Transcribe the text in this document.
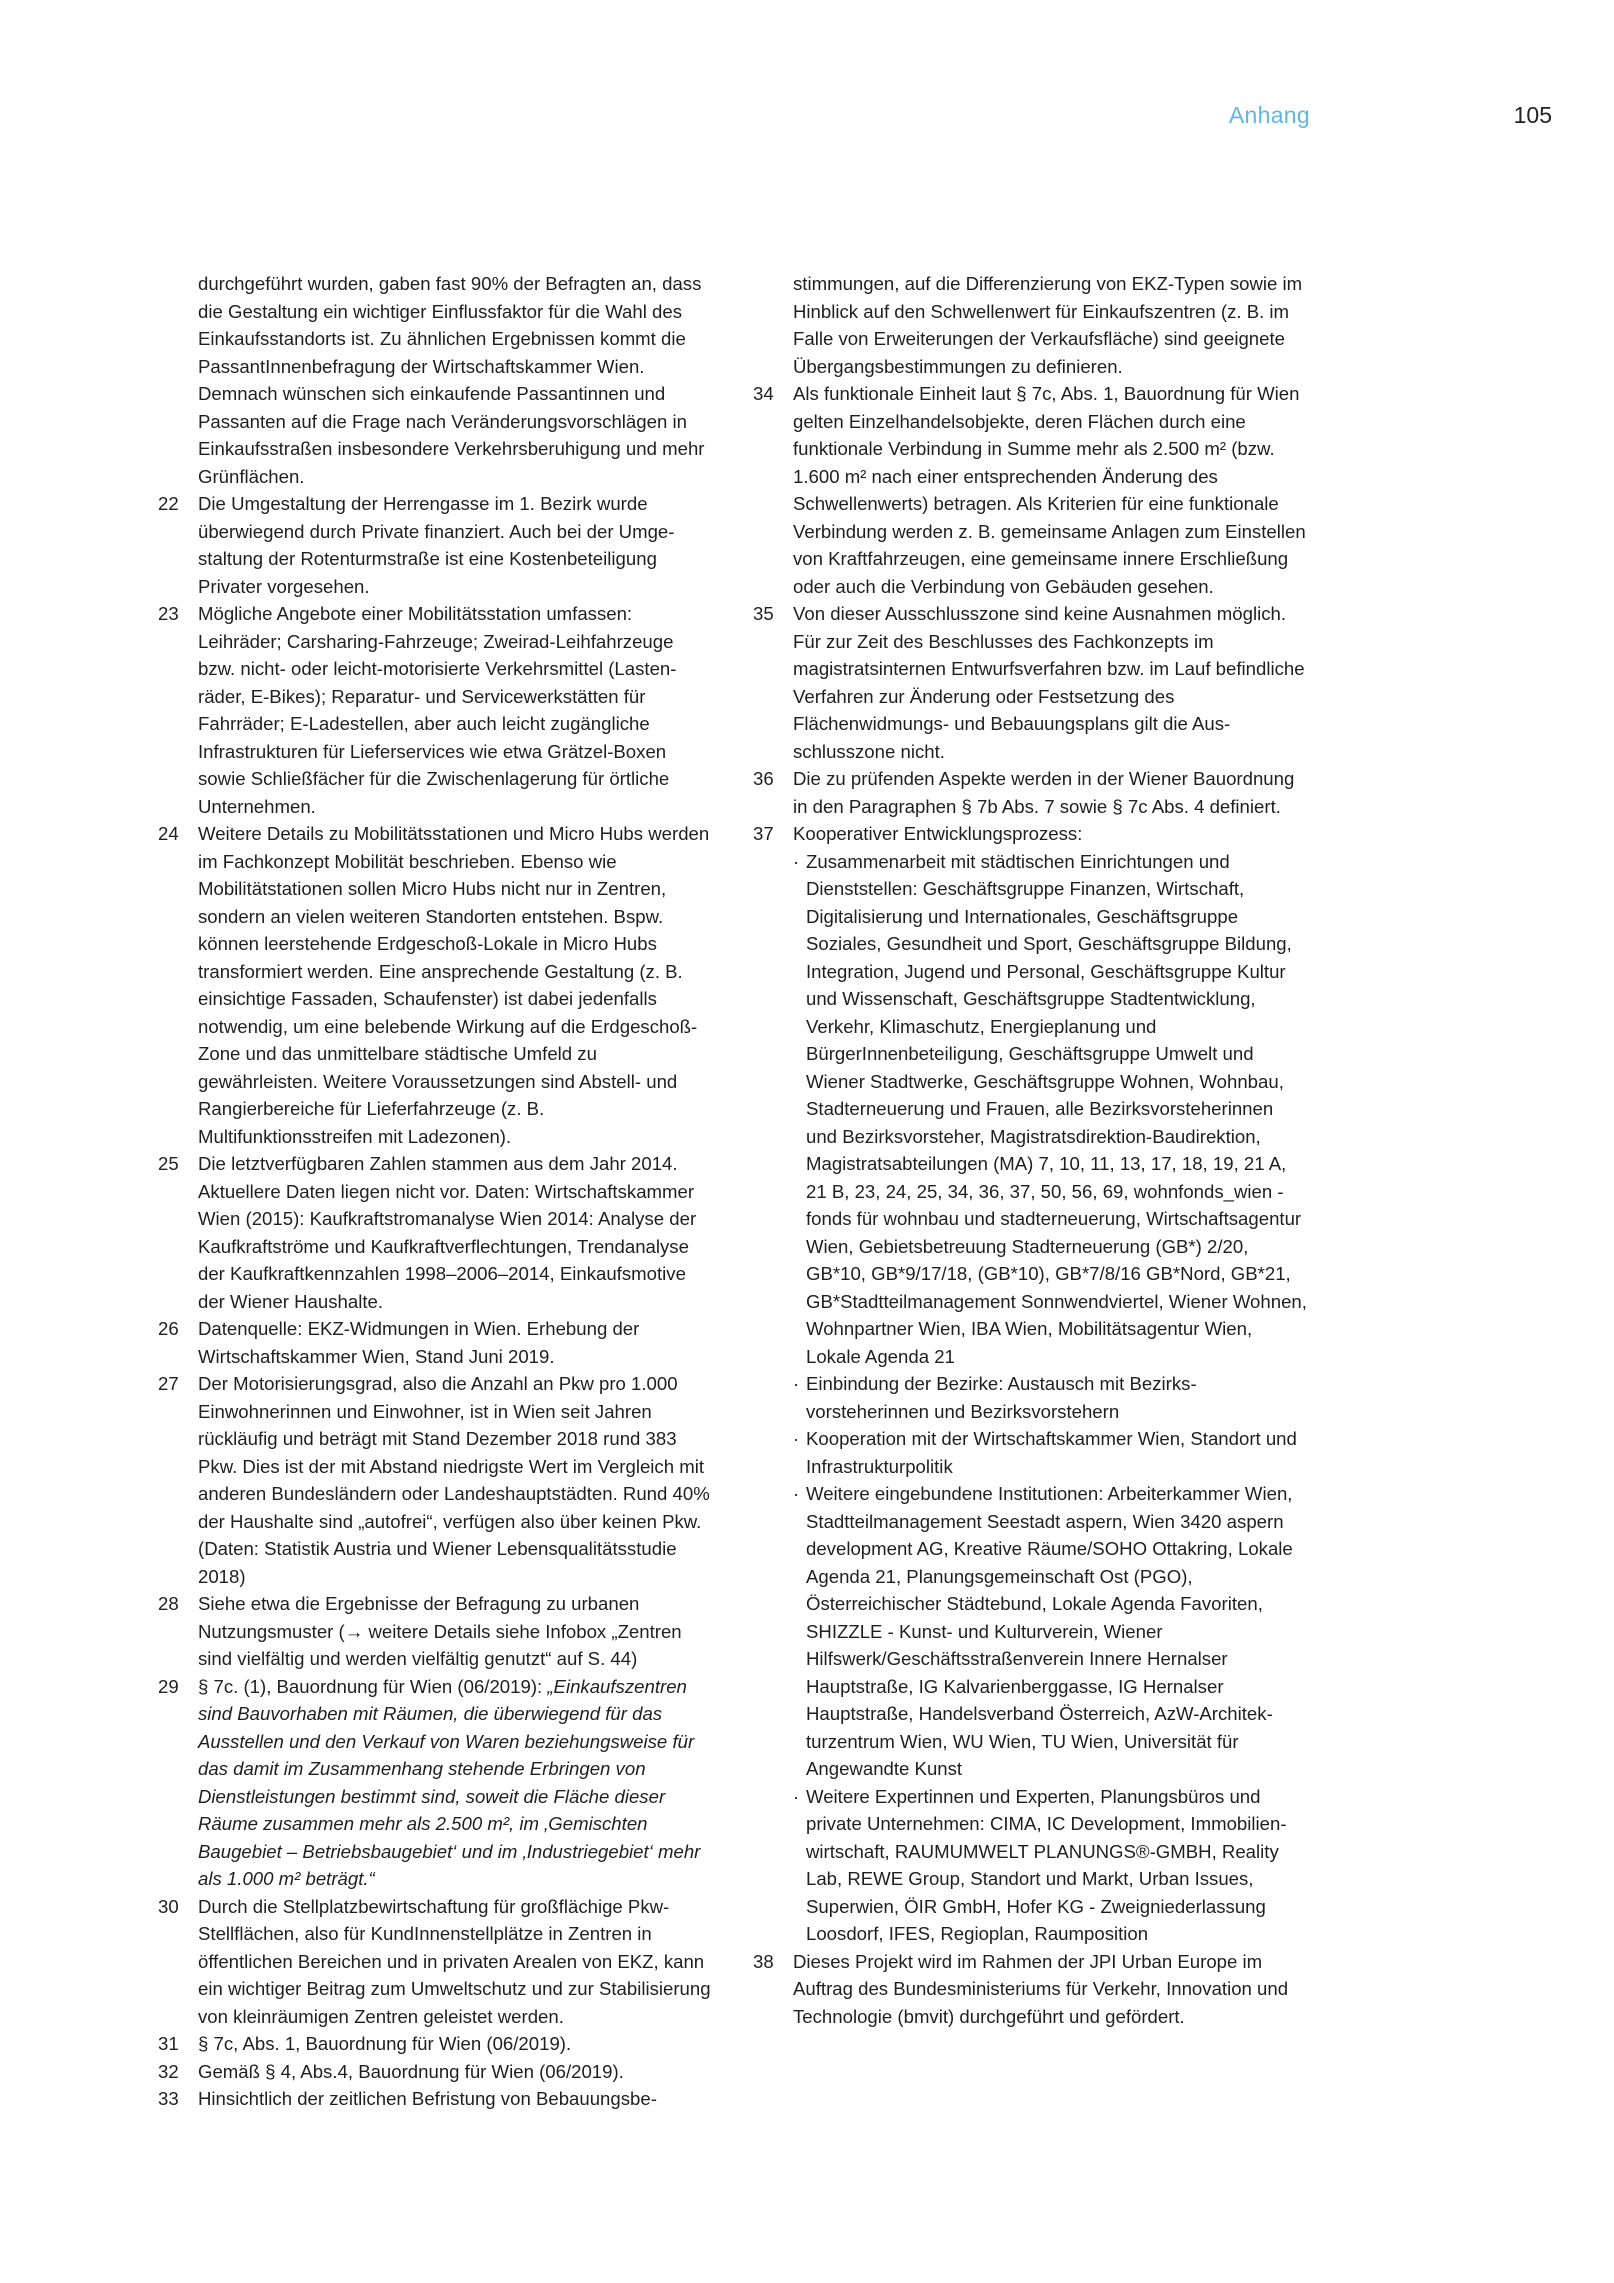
Anhang	105

durchgeführt wurden, gaben fast 90% der Befragten an, dass die Gestaltung ein wichtiger Einflussfaktor für die Wahl des Einkaufsstandorts ist. Zu ähnlichen Ergebnissen kommt die PassantInnenbefragung der Wirtschaftskammer Wien. Demnach wünschen sich einkaufende Passantinnen und Passanten auf die Frage nach Veränderungsvorschlägen in Einkaufsstraßen insbesondere Verkehrsberuhigung und mehr Grünflächen.

22 Die Umgestaltung der Herrengasse im 1. Bezirk wurde überwiegend durch Private finanziert. Auch bei der Umgestaltung der Rotenturmstraße ist eine Kostenbeteiligung Privater vorgesehen.
23 Mögliche Angebote einer Mobilitätsstation umfassen: Leihräder; Carsharing-Fahrzeuge; Zweirad-Leihfahrzeuge bzw. nicht- oder leicht-motorisierte Verkehrsmittel (Lastenräder, E-Bikes); Reparatur- und Servicewerkstätten für Fahrräder; E-Ladestellen, aber auch leicht zugängliche Infrastrukturen für Lieferservices wie etwa Grätzel-Boxen sowie Schließfächer für die Zwischenlagerung für örtliche Unternehmen.
24 Weitere Details zu Mobilitätsstationen und Micro Hubs werden im Fachkonzept Mobilität beschrieben. Ebenso wie Mobilitätstationen sollen Micro Hubs nicht nur in Zentren, sondern an vielen weiteren Standorten entstehen. Bspw. können leerstehende Erdgeschoß-Lokale in Micro Hubs transformiert werden. Eine ansprechende Gestaltung (z. B. einsichtige Fassaden, Schaufenster) ist dabei jedenfalls notwendig, um eine belebende Wirkung auf die Erdgeschoß-Zone und das unmittelbare städtische Umfeld zu gewährleisten. Weitere Voraussetzungen sind Abstell- und Rangierbereiche für Lieferfahrzeuge (z. B. Multifunktionsstreifen mit Ladezonen).
25 Die letztverfügbaren Zahlen stammen aus dem Jahr 2014. Aktuellere Daten liegen nicht vor. Daten: Wirtschaftskammer Wien (2015): Kaufkraftstromanalyse Wien 2014: Analyse der Kaufkraftströme und Kaufkraftverflechtungen, Trendanalyse der Kaufkraftkennzahlen 1998–2006–2014, Einkaufsmotive der Wiener Haushalte.
26 Datenquelle: EKZ-Widmungen in Wien. Erhebung der Wirtschaftskammer Wien, Stand Juni 2019.
27 Der Motorisierungsgrad, also die Anzahl an Pkw pro 1.000 Einwohnerinnen und Einwohner, ist in Wien seit Jahren rückläufig und beträgt mit Stand Dezember 2018 rund 383 Pkw. Dies ist der mit Abstand niedrigste Wert im Vergleich mit anderen Bundesländern oder Landeshauptstädten. Rund 40% der Haushalte sind „autofrei“, verfügen also über keinen Pkw. (Daten: Statistik Austria und Wiener Lebensqualitätsstudie 2018)
28 Siehe etwa die Ergebnisse der Befragung zu urbanen Nutzungsmuster (→ weitere Details siehe Infobox „Zentren sind vielfältig und werden vielfältig genutzt“ auf S. 44)
29 § 7c. (1), Bauordnung für Wien (06/2019): „Einkaufszentren sind Bauvorhaben mit Räumen, die überwiegend für das Ausstellen und den Verkauf von Waren beziehungsweise für das damit im Zusammenhang stehende Erbringen von Dienstleistungen bestimmt sind, soweit die Fläche dieser Räume zusammen mehr als 2.500 m², im ‚Gemischten Baugebiet – Betriebsbaugebiet‘ und im ‚Industriegebiet‘ mehr als 1.000 m² beträgt.“
30 Durch die Stellplatzbewirtschaftung für großflächige Pkw-Stellflächen, also für KundInnenstellplätze in Zentren in öffentlichen Bereichen und in privaten Arealen von EKZ, kann ein wichtiger Beitrag zum Umweltschutz und zur Stabilisierung von kleinräumigen Zentren geleistet werden.
31 § 7c, Abs. 1, Bauordnung für Wien (06/2019).
32 Gemäß § 4, Abs.4, Bauordnung für Wien (06/2019).
33 Hinsichtlich der zeitlichen Befristung von Bebauungsbe-

stimmungen, auf die Differenzierung von EKZ-Typen sowie im Hinblick auf den Schwellenwert für Einkaufszentren (z. B. im Falle von Erweiterungen der Verkaufsfläche) sind geeignete Übergangsbestimmungen zu definieren.

34 Als funktionale Einheit laut § 7c, Abs. 1, Bauordnung für Wien gelten Einzelhandelsobjekte, deren Flächen durch eine funktionale Verbindung in Summe mehr als 2.500 m² (bzw. 1.600 m² nach einer entsprechenden Änderung des Schwellenwerts) betragen. Als Kriterien für eine funktionale Verbindung werden z. B. gemeinsame Anlagen zum Einstellen von Kraftfahrzeugen, eine gemeinsame innere Erschließung oder auch die Verbindung von Gebäuden gesehen.
35 Von dieser Ausschlusszone sind keine Ausnahmen möglich. Für zur Zeit des Beschlusses des Fachkonzepts im magistratsinternen Entwurfsverfahren bzw. im Lauf befindliche Verfahren zur Änderung oder Festsetzung des Flächenwidmungs- und Bebauungsplans gilt die Ausschlusszone nicht.
36 Die zu prüfenden Aspekte werden in der Wiener Bauordnung in den Paragraphen § 7b Abs. 7 sowie § 7c Abs. 4 definiert.
37 Kooperativer Entwicklungsprozess:
· Zusammenarbeit mit städtischen Einrichtungen und Dienststellen: Geschäftsgruppe Finanzen, Wirtschaft, Digitalisierung und Internationales, Geschäftsgruppe Soziales, Gesundheit und Sport, Geschäftsgruppe Bildung, Integration, Jugend und Personal, Geschäftsgruppe Kultur und Wissenschaft, Geschäftsgruppe Stadtentwicklung, Verkehr, Klimaschutz, Energieplanung und BürgerInnenbeteiligung, Geschäftsgruppe Umwelt und Wiener Stadtwerke, Geschäftsgruppe Wohnen, Wohnbau, Stadterneuerung und Frauen, alle Bezirksvorsteherinnen und Bezirksvorsteher, Magistratsdirektion-Baudirektion, Magistratsabteilungen (MA) 7, 10, 11, 13, 17, 18, 19, 21 A, 21 B, 23, 24, 25, 34, 36, 37, 50, 56, 69, wohnfonds_wien - fonds für wohnbau und stadterneuerung, Wirtschaftsagentur Wien, Gebietsbetreuung Stadterneuerung (GB*) 2/20, GB*10, GB*9/17/18, (GB*10), GB*7/8/16 GB*Nord, GB*21, GB*Stadtteilmanagement Sonnwendviertel, Wiener Wohnen, Wohnpartner Wien, IBA Wien, Mobilitätsagentur Wien, Lokale Agenda 21
· Einbindung der Bezirke: Austausch mit Bezirksvorsteherinnen und Bezirksvorstehern
· Kooperation mit der Wirtschaftskammer Wien, Standort und Infrastrukturpolitik
· Weitere eingebundene Institutionen: Arbeiterkammer Wien, Stadtteilmanagement Seestadt aspern, Wien 3420 aspern development AG, Kreative Räume/SOHO Ottakring, Lokale Agenda 21, Planungsgemeinschaft Ost (PGO), Österreichischer Städtebund, Lokale Agenda Favoriten, SHIZZLE - Kunst- und Kulturverein, Wiener Hilfswerk/Geschäftsstraßenverein Innere Hernalser Hauptstraße, IG Kalvarienberggasse, IG Hernalser Hauptstraße, Handelsverband Österreich, AzW-Architekturzentrum Wien, WU Wien, TU Wien, Universität für Angewandte Kunst
· Weitere Expertinnen und Experten, Planungsbüros und private Unternehmen: CIMA, IC Development, Immobilienwirtschaft, RAUMUMWELT PLANUNGS®-GMBH, Reality Lab, REWE Group, Standort und Markt, Urban Issues, Superwien, ÖIR GmbH, Hofer KG - Zweigniederlassung Loosdorf, IFES, Regioplan, Raumposition
38 Dieses Projekt wird im Rahmen der JPI Urban Europe im Auftrag des Bundesministeriums für Verkehr, Innovation und Technologie (bmvit) durchgeführt und gefördert.
